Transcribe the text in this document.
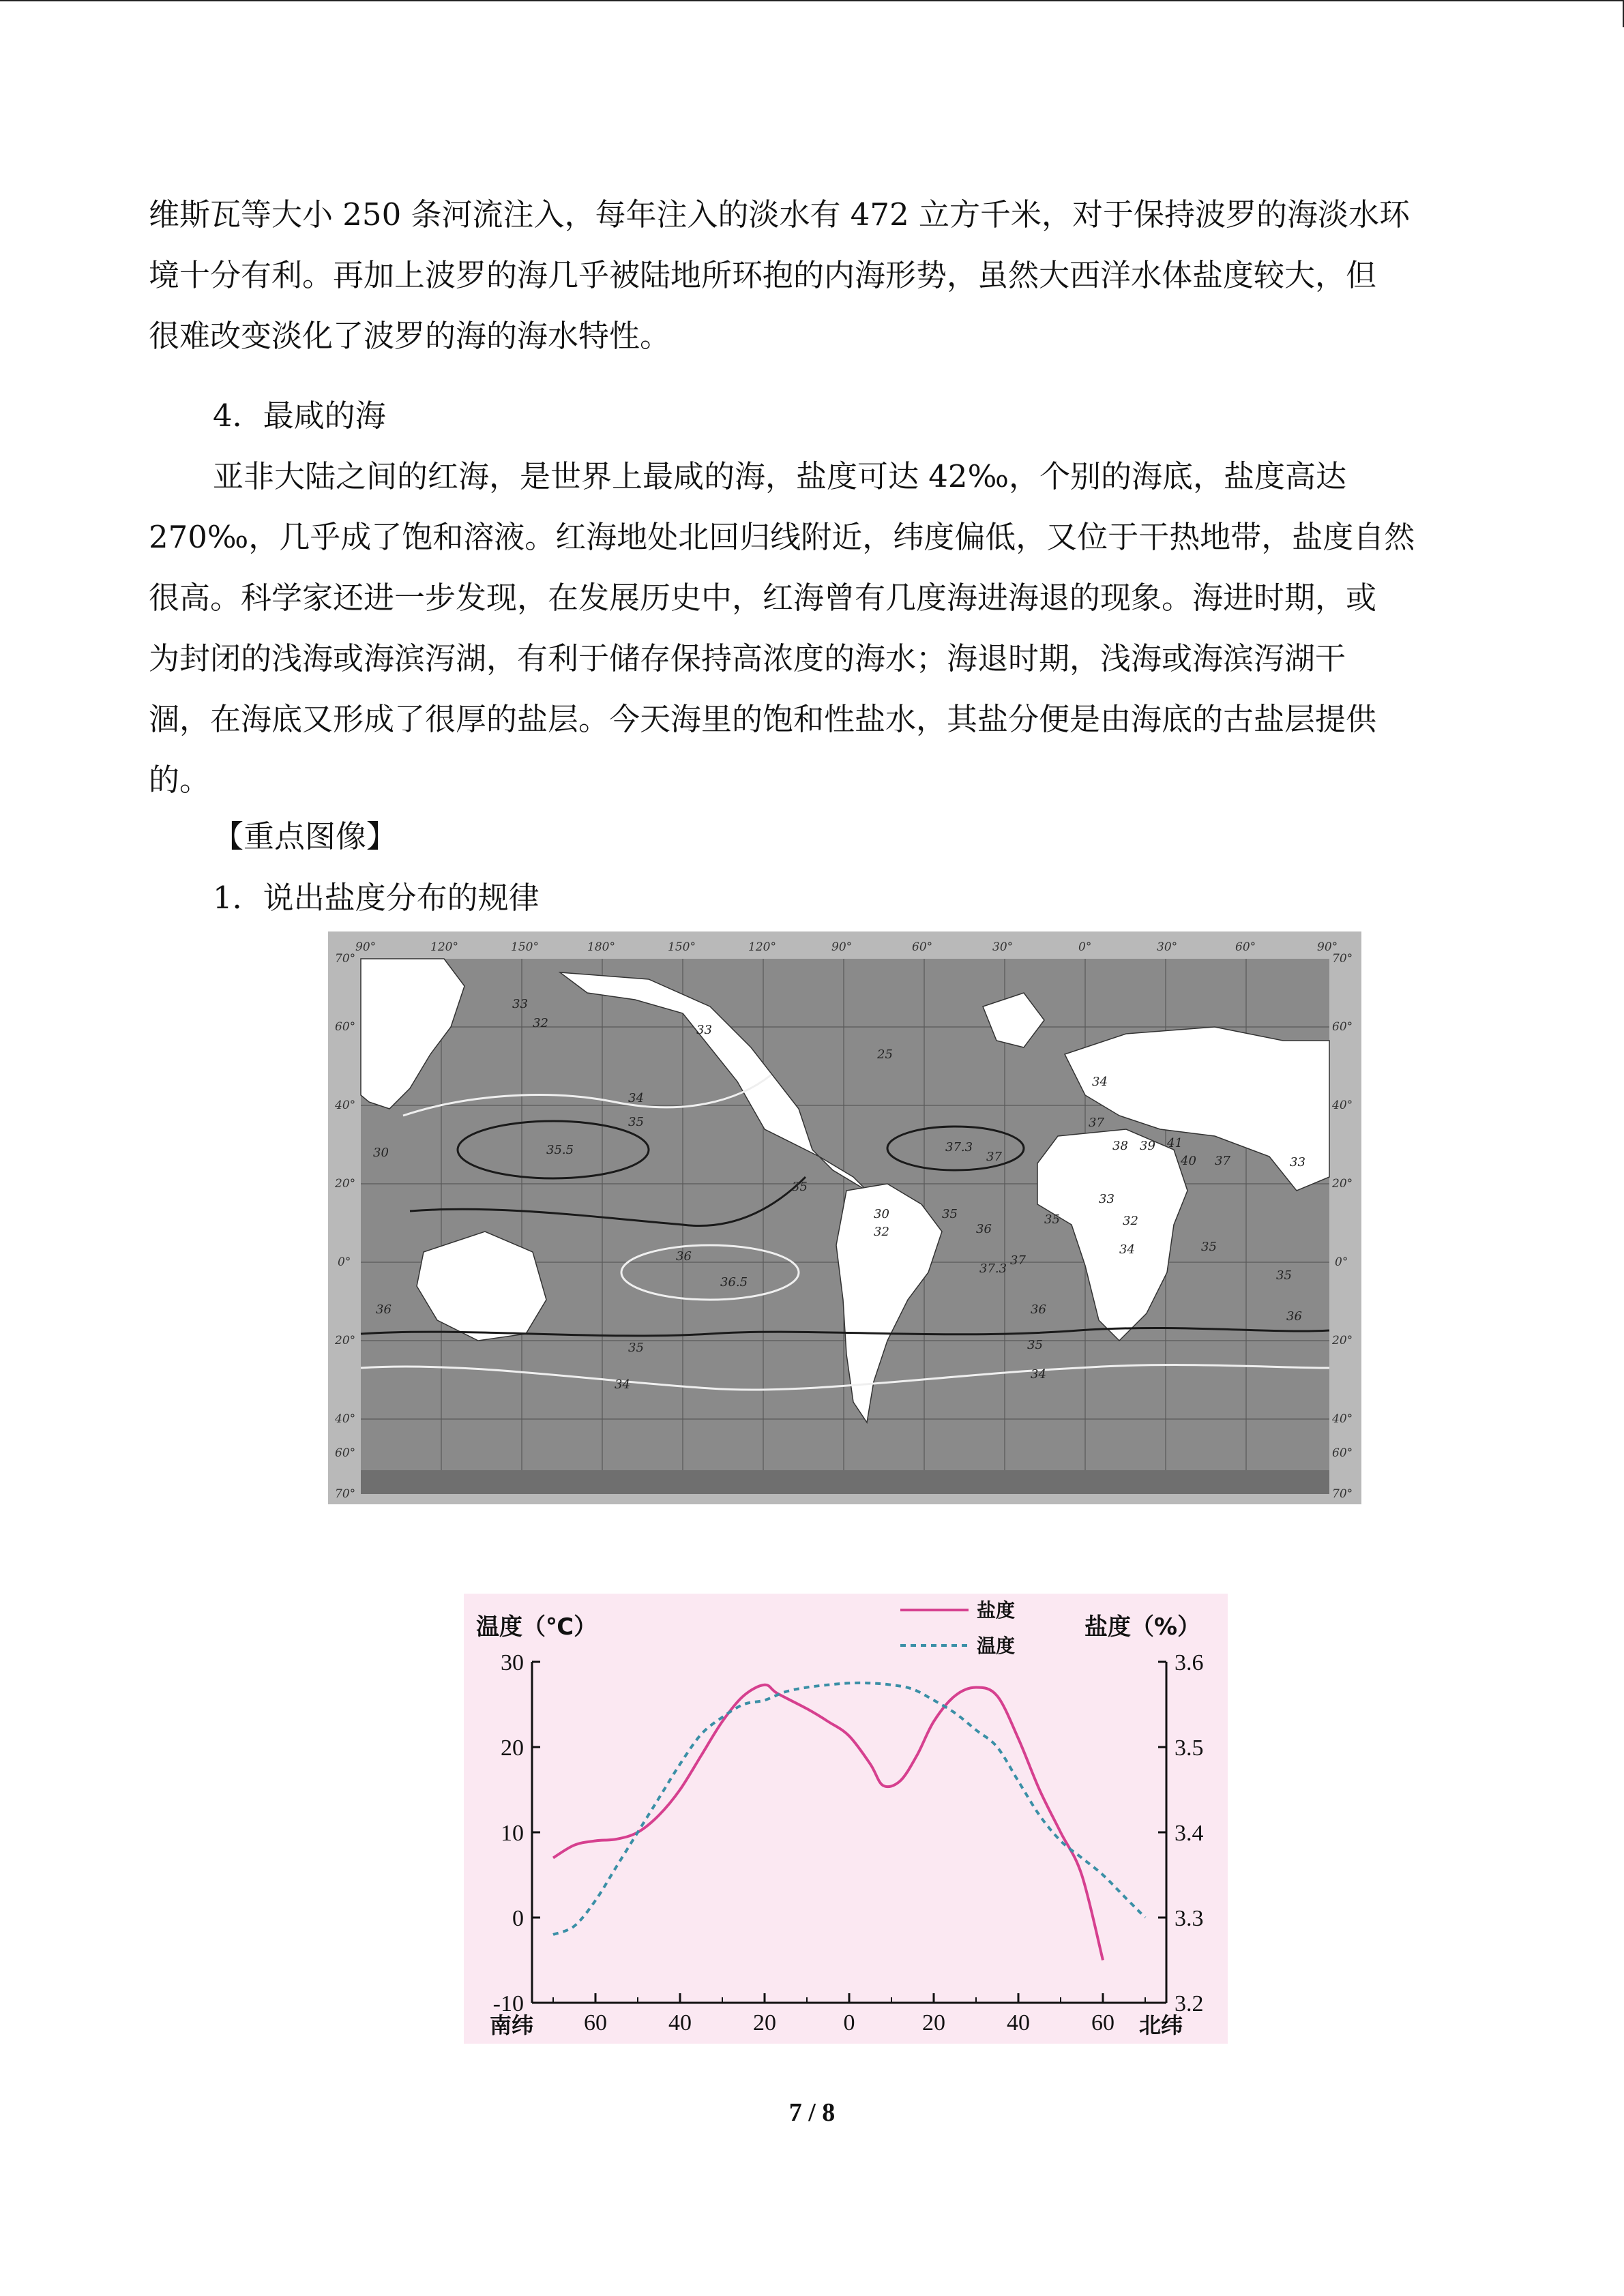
维斯瓦等大小 250 条河流注入，每年注入的淡水有 472 立方千米，对于保持波罗的海淡水环
境十分有利。再加上波罗的海几乎被陆地所环抱的内海形势，虽然大西洋水体盐度较大，但
很难改变淡化了波罗的海的海水特性。
4．最咸的海
亚非大陆之间的红海，是世界上最咸的海，盐度可达 42‰，个别的海底，盐度高达
270‰，几乎成了饱和溶液。红海地处北回归线附近，纬度偏低，又位于干热地带，盐度自然
很高。科学家还进一步发现，在发展历史中，红海曾有几度海进海退的现象。海进时期，或
为封闭的浅海或海滨泻湖，有利于储存保持高浓度的海水；海退时期，浅海或海滨泻湖干
涸，在海底又形成了很厚的盐层。今天海里的饱和性盐水，其盐分便是由海底的古盐层提供
的。
【重点图像】
1．说出盐度分布的规律
90°	120°	150°	180°	150°	120°	90°	60°	30°	0°	30°	60°	90°
70°
60°
40°
20°
0°
20°
40°
60°
70°
70°
60°
40°
20°
0°
20°
40°
60°
70°
35.5
35
34
33
32
25
35
37.3
37
34
37
38 39 41
40 37	33
30
36
36.5
35
36
37.3
37
36
35
34
36
35
33
32
34	35
36
35
30
32
35
34
33
温度（℃）	盐度（%）
盐度
温度
30
20
10
0
-10
3.6
3.5
3.4
3.3
3.2
60	40	20	0	20	40	60
南纬	北纬
7 / 8
